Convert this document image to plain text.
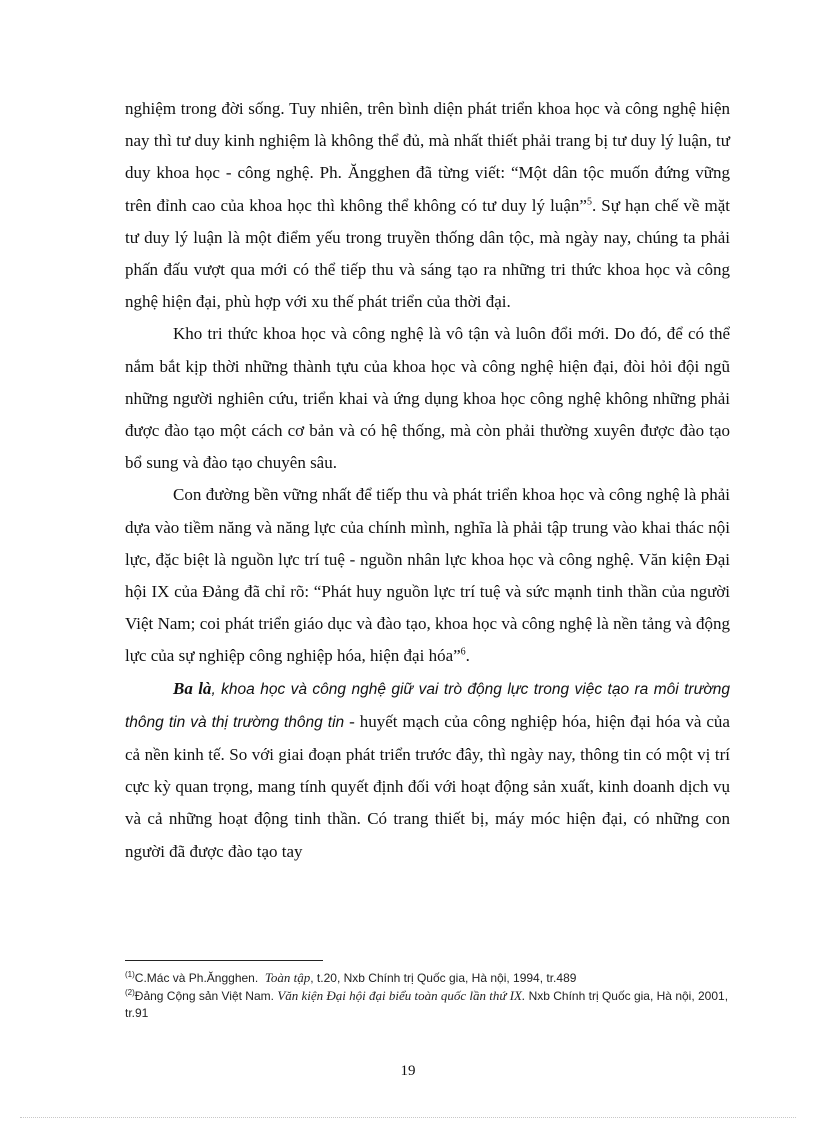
nghiệm trong đời sống. Tuy nhiên, trên bình diện phát triển khoa học và công nghệ hiện nay thì tư duy kinh nghiệm là không thể đủ, mà nhất thiết phải trang bị tư duy lý luận, tư duy khoa học - công nghệ. Ph. Ăngghen đã từng viết: “Một dân tộc muốn đứng vững trên đỉnh cao của khoa học thì không thể không có tư duy lý luận”$^5$. Sự hạn chế về mặt tư duy lý luận là một điểm yếu trong truyền thống dân tộc, mà ngày nay, chúng ta phải phấn đấu vượt qua mới có thể tiếp thu và sáng tạo ra những tri thức khoa học và công nghệ hiện đại, phù hợp với xu thế phát triển của thời đại.

Kho tri thức khoa học và công nghệ là vô tận và luôn đổi mới. Do đó, để có thể nắm bắt kịp thời những thành tựu của khoa học và công nghệ hiện đại, đòi hỏi đội ngũ những người nghiên cứu, triển khai và ứng dụng khoa học công nghệ không những phải được đào tạo một cách cơ bản và có hệ thống, mà còn phải thường xuyên được đào tạo bổ sung và đào tạo chuyên sâu.

Con đường bền vững nhất để tiếp thu và phát triển khoa học và công nghệ là phải dựa vào tiềm năng và năng lực của chính mình, nghĩa là phải tập trung vào khai thác nội lực, đặc biệt là nguồn lực trí tuệ - nguồn nhân lực khoa học và công nghệ. Văn kiện Đại hội IX của Đảng đã chỉ rõ: “Phát huy nguồn lực trí tuệ và sức mạnh tinh thần của người Việt Nam; coi phát triển giáo dục và đào tạo, khoa học và công nghệ là nền tảng và động lực của sự nghiệp công nghiệp hóa, hiện đại hóa”$^6$.

Ba là, khoa học và công nghệ giữ vai trò động lực trong việc tạo ra môi trường thông tin và thị trường thông tin - huyết mạch của công nghiệp hóa, hiện đại hóa và của cả nền kinh tế. So với giai đoạn phát triển trước đây, thì ngày nay, thông tin có một vị trí cực kỳ quan trọng, mang tính quyết định đối với hoạt động sản xuất, kinh doanh dịch vụ và cả những hoạt động tinh thần. Có trang thiết bị, máy móc hiện đại, có những con người đã được đào tạo tay

$^{(1)}$C.Mác và Ph.Ăngghen. Toàn tập, t.20, Nxb Chính trị Quốc gia, Hà nội, 1994, tr.489

$^{(2)}$Đảng Cộng sản Việt Nam. Văn kiện Đại hội đại biểu toàn quốc lần thứ IX. Nxb Chính trị Quốc gia, Hà nội, 2001, tr.91

19
